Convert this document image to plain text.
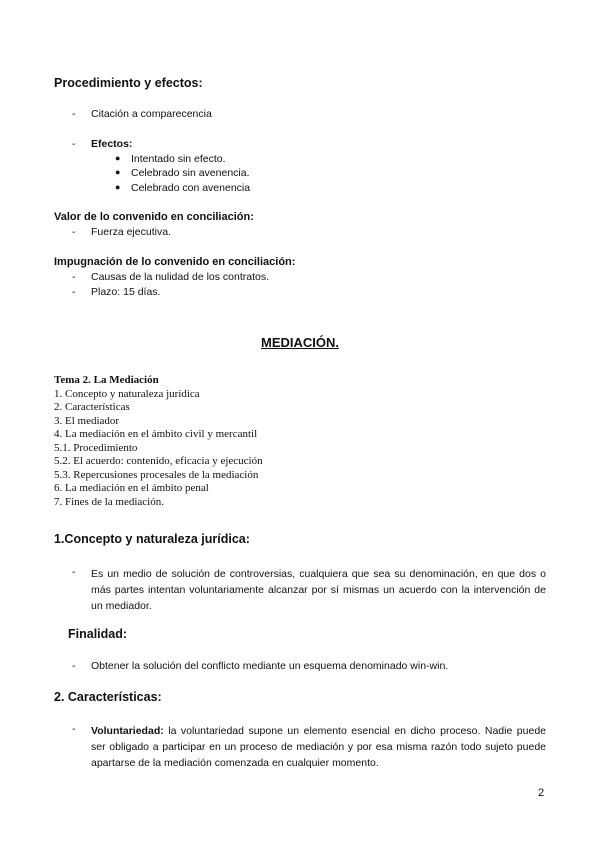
Procedimiento y efectos:
- Citación a comparecencia
- Efectos:
● Intentado sin efecto.
● Celebrado sin avenencia.
● Celebrado con avenencia
Valor de lo convenido en conciliación:
- Fuerza ejecutiva.
Impugnación de lo convenido en conciliación:
- Causas de la nulidad de los contratos.
- Plazo: 15 días.
MEDIACIÓN.
Tema 2. La Mediación
1. Concepto y naturaleza jurídica
2. Características
3. El mediador
4. La mediación en el ámbito civil y mercantil
5.1. Procedimiento
5.2. El acuerdo: contenido, eficacia y ejecución
5.3. Repercusiones procesales de la mediación
6. La mediación en el ámbito penal
7. Fines de la mediación.
1.Concepto y naturaleza jurídica:
- Es un medio de solución de controversias, cualquiera que sea su denominación, en que dos o más partes intentan voluntariamente alcanzar por sí mismas un acuerdo con la intervención de un mediador.
Finalidad:
- Obtener la solución del conflicto mediante un esquema denominado win-win.
2. Características:
- Voluntariedad: la voluntariedad supone un elemento esencial en dicho proceso. Nadie puede ser obligado a participar en un proceso de mediación y por esa misma razón todo sujeto puede apartarse de la mediación comenzada en cualquier momento.
2
